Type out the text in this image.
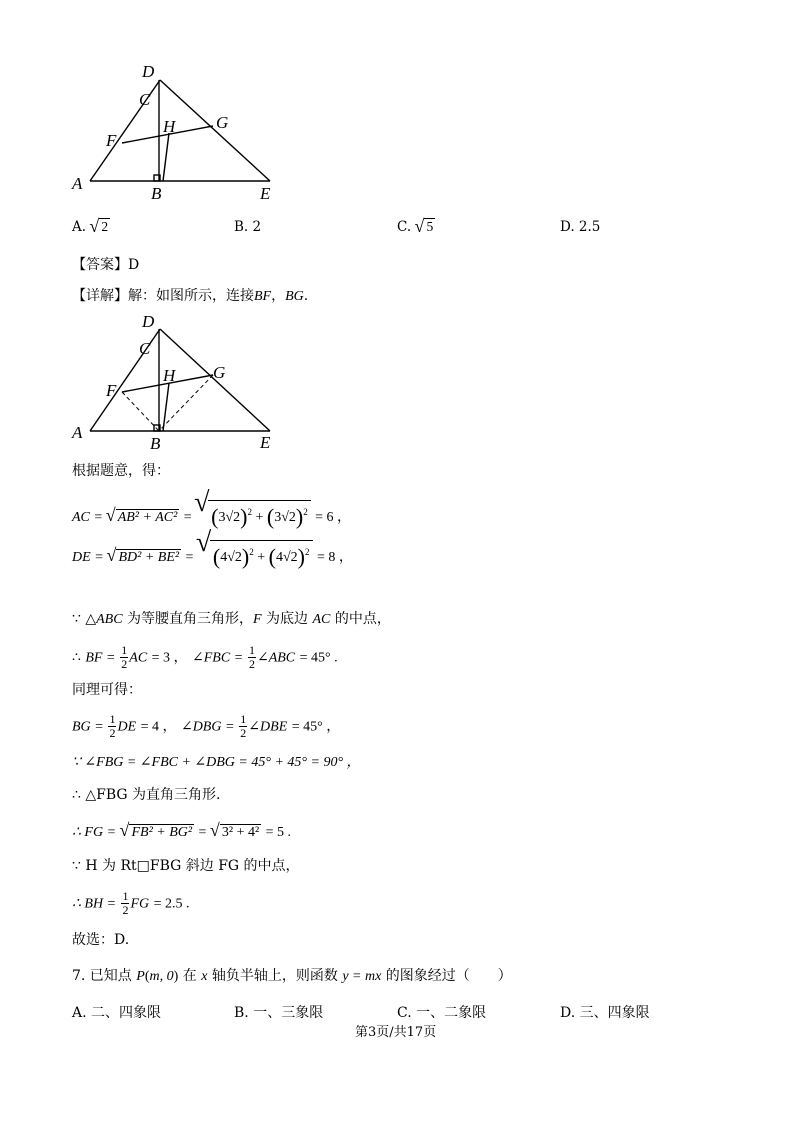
D
C
H G
F
A
B	E
A. √ 2	B. 2	C. √ 5	D. 2.5
【答案】D
【详解】解：如图所示，连接BF，BG.
D
C
H G
F
A
B	E
根据题意，得：
AC = √ AB² + AC² = √ $(3√2)^2 + (3√2)^2 = 6$ ，
DE = √ BD² + BE² = √ $(4√2)^2 + (4√2)^2 = 8$ ，
∵ △ABC 为等腰直角三角形，F 为底边 AC 的中点，
∴ BF = $\frac{1}{2}$ AC = 3 ， ∠FBC = $\frac{1}{2}$ ∠ABC = 45° .
同理可得：
BG = $\frac{1}{2}$ DE = 4 ， ∠DBG = $\frac{1}{2}$ ∠DBE = 45° ，
∵ ∠FBG = ∠FBC + ∠DBG = 45° + 45° = 90° ，
∴ △FBG 为直角三角形.
∴ FG = √ FB² + BG² = √ 3² + 4² = 5 .
∵ H 为 Rt□FBG 斜边 FG 的中点，
∴ BH = $\frac{1}{2}$ FG = 2.5 .
故选：D.
7. 已知点 P(m, 0) 在 x 轴负半轴上，则函数 y = mx 的图象经过（　　）
A. 二、四象限	B. 一、三象限	C. 一、二象限	D. 三、四象限
第3页/共17页
